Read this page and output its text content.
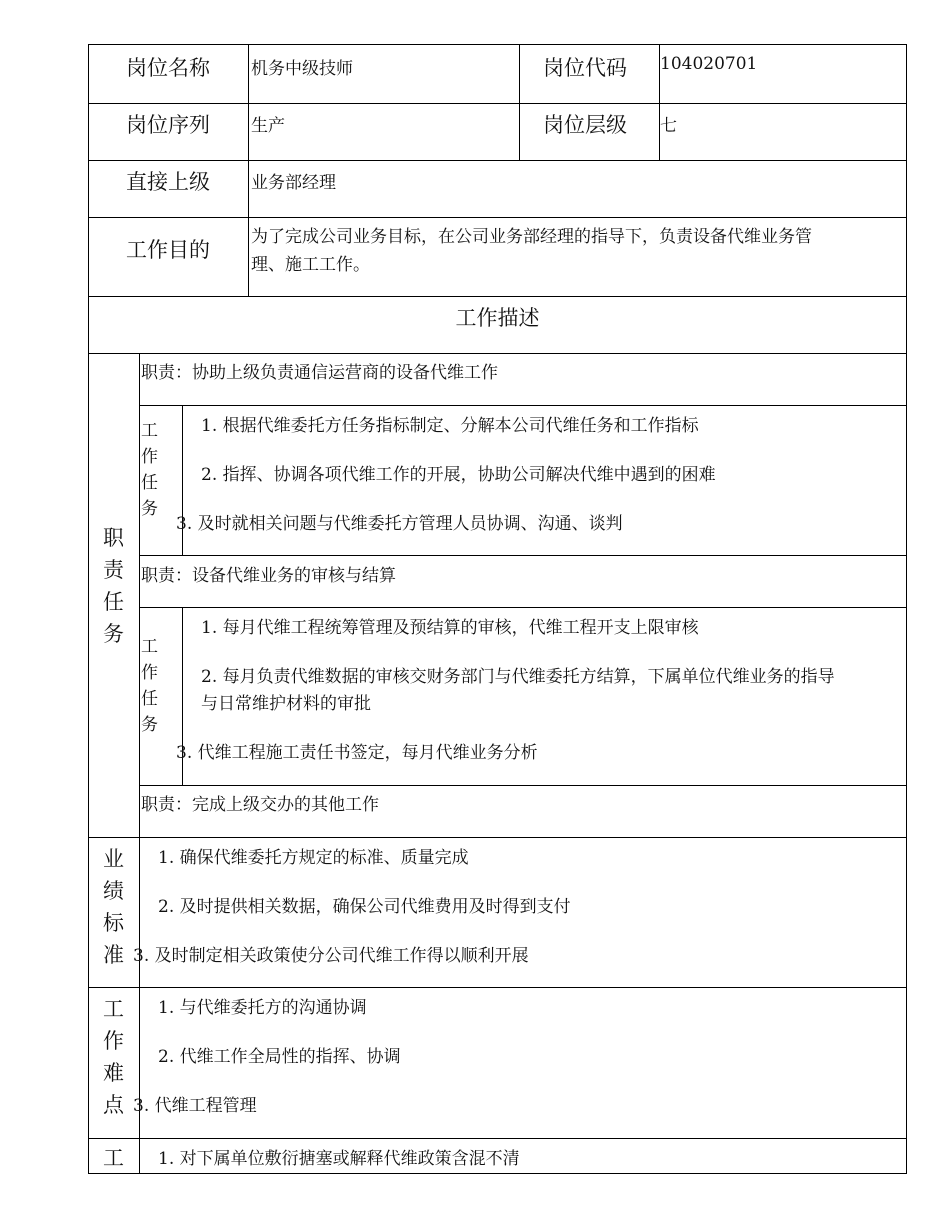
岗位名称 机务中级技师	岗位代码 104020701
岗位序列 生产	岗位层级 七
直接上级 业务部经理
工作目的
为了完成公司业务目标，在公司业务部经理的指导下，负责设备代维业务管
理、施工工作。
工作描述
职
责
任
务
职责：协助上级负责通信运营商的设备代维工作
工
作
任
务
1. 根据代维委托方任务指标制定、分解本公司代维任务和工作指标
2. 指挥、协调各项代维工作的开展，协助公司解决代维中遇到的困难
3. 及时就相关问题与代维委托方管理人员协调、沟通、谈判
职责：设备代维业务的审核与结算
工
作
任
务
1. 每月代维工程统筹管理及预结算的审核，代维工程开支上限审核
2. 每月负责代维数据的审核交财务部门与代维委托方结算，下属单位代维业务的指导
与日常维护材料的审批
3. 代维工程施工责任书签定，每月代维业务分析
职责：完成上级交办的其他工作
业
绩
标
准
1. 确保代维委托方规定的标准、质量完成
2. 及时提供相关数据，确保公司代维费用及时得到支付
3. 及时制定相关政策使分公司代维工作得以顺利开展
工
作
难
点
1. 与代维委托方的沟通协调
2. 代维工作全局性的指挥、协调
3. 代维工程管理
工 1. 对下属单位敷衍搪塞或解释代维政策含混不清
